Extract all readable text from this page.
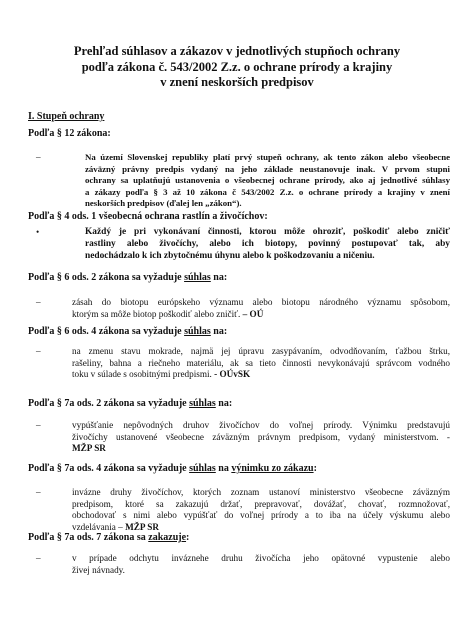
Prehľad súhlasov a zákazov v jednotlivých stupňoch ochrany
podľa zákona č. 543/2002 Z.z. o ochrane prírody a krajiny
v znení neskorších predpisov
I. Stupeň ochrany
Podľa § 12 zákona:
–	Na území Slovenskej republiky platí prvý stupeň ochrany, ak tento zákon alebo všeobecne
záväzný právny predpis vydaný na jeho základe neustanovuje inak. V prvom stupni
ochrany sa uplatňujú ustanovenia o všeobecnej ochrane prírody, ako aj jednotlivé súhlasy
a zákazy podľa § 3 až 10 zákona č 543/2002 Z.z. o ochrane prírody a krajiny v znení
neskorších predpisov (ďalej len „zákon“).
Podľa § 4 ods. 1 všeobecná ochrana rastlín a živočíchov:
•	Každý je pri vykonávaní činnosti, ktorou môže ohroziť, poškodiť alebo zničiť
rastliny alebo živočíchy, alebo ich biotopy, povinný postupovať tak, aby
nedochádzalo k ich zbytočnému úhynu alebo k poškodzovaniu a ničeniu.
Podľa § 6 ods. 2 zákona sa vyžaduje súhlas na:
–	zásah do biotopu európskeho významu alebo biotopu národného významu spôsobom,
ktorým sa môže biotop poškodiť alebo zničiť. – OÚ
Podľa § 6 ods. 4 zákona sa vyžaduje súhlas na:
–	na zmenu stavu mokrade, najmä jej úpravu zasypávaním, odvodňovaním, ťažbou štrku,
rašeliny, bahna a riečneho materiálu, ak sa tieto činnosti nevykonávajú správcom vodného
toku v súlade s osobitnými predpismi. - OÚvSK
Podľa § 7a ods. 2 zákona sa vyžaduje súhlas na:
–	vypúšťanie nepôvodných druhov živočíchov do voľnej prírody. Výnimku predstavujú
živočíchy ustanovené všeobecne záväzným právnym predpisom, vydaný ministerstvom. -
MŽP SR
Podľa § 7a ods. 4 zákona sa vyžaduje súhlas na výnimku zo zákazu:
–	invázne druhy živočíchov, ktorých zoznam ustanoví ministerstvo všeobecne záväzným
predpisom, ktoré sa zakazujú držať, prepravovať, dovážať, chovať, rozmnožovať,
obchodovať s nimi alebo vypúšťať do voľnej prírody a to iba na účely výskumu alebo
vzdelávania – MŽP SR
Podľa § 7a ods. 7 zákona sa zakazuje:
–	v prípade odchytu inváznehe druhu živočícha jeho opätovné vypustenie alebo
živej návnady.
